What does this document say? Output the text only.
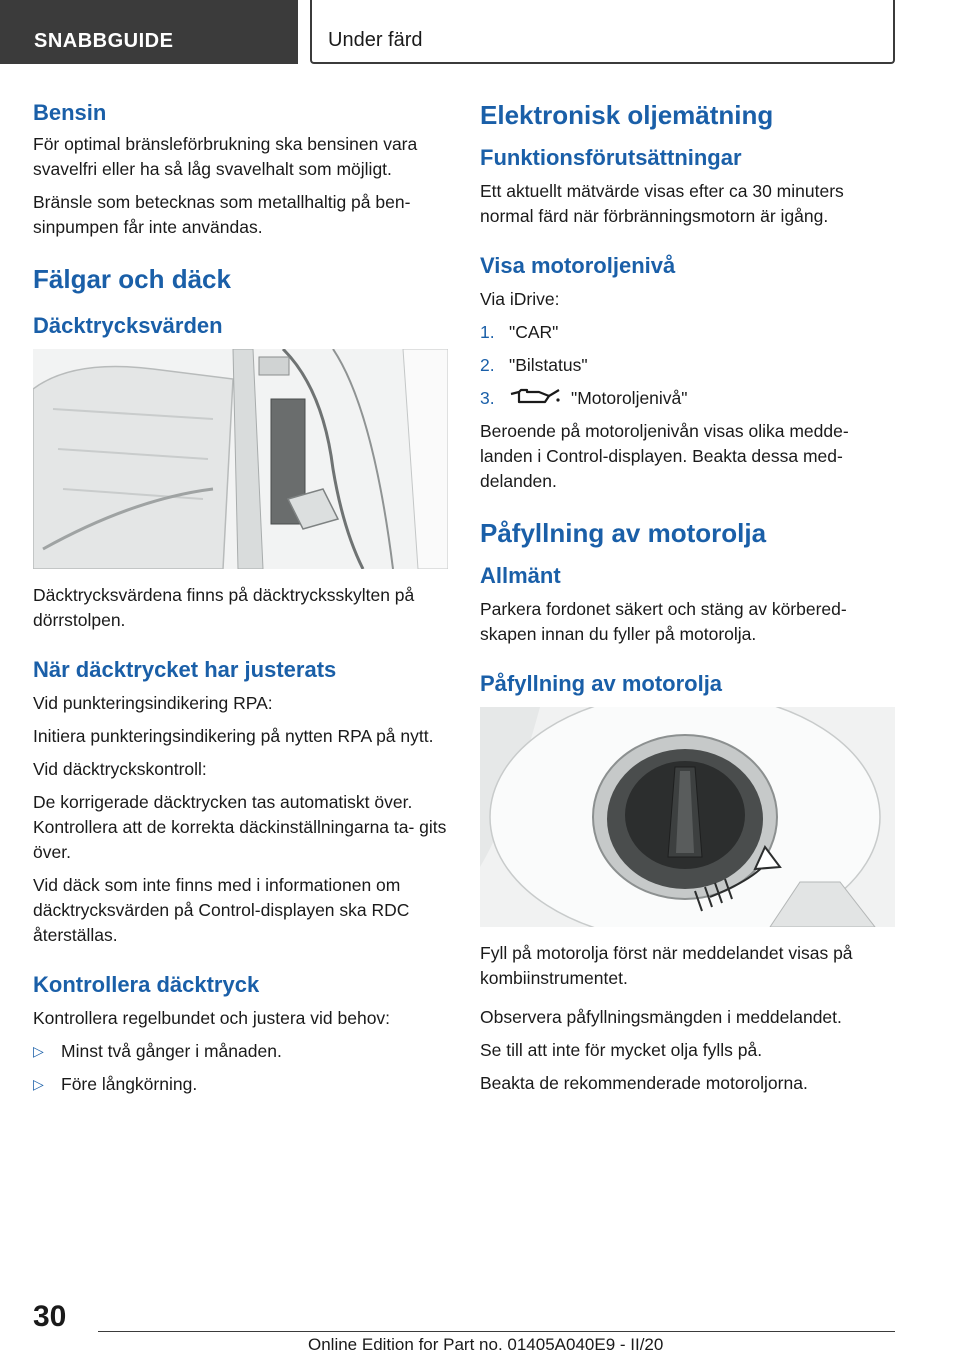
SNABBGUIDE	Under färd
Bensin

För optimal bränsleförbrukning ska bensinen vara svavelfri eller ha så låg svavelhalt som möjligt.

Bränsle som betecknas som metallhaltig på ben- sinpumpen får inte användas.

Fälgar och däck
Däcktrycksvärden

Däcktrycksvärdena finns på däcktrycksskylten på dörrstolpen.

När däcktrycket har justerats

Vid punkteringsindikering RPA:

Initiera punkteringsindikering på nytten RPA på nytt.

Vid däcktryckskontroll:

De korrigerade däcktrycken tas automatiskt över. Kontrollera att de korrekta däckinställningarna ta- gits över.

Vid däck som inte finns med i informationen om däcktrycksvärden på Control-displayen ska RDC återställas.

Kontrollera däcktryck

Kontrollera regelbundet och justera vid behov:

▷ Minst två gånger i månaden.
▷ Före långkörning.
Elektronisk oljemätning
Funktionsförutsättningar

Ett aktuellt mätvärde visas efter ca 30 minuters normal färd när förbränningsmotorn är igång.

Visa motoroljenivå

Via iDrive:

1. "CAR"
2. "Bilstatus"
3.	"Motoroljenivå"

Beroende på motoroljenivån visas olika medde- landen i Control-displayen. Beakta dessa med- delanden.

Påfyllning av motorolja
Allmänt

Parkera fordonet säkert och stäng av körbered- skapen innan du fyller på motorolja.

Påfyllning av motorolja

Fyll på motorolja först när meddelandet visas på kombiinstrumentet.

Observera påfyllningsmängden i meddelandet.

Se till att inte för mycket olja fylls på.

Beakta de rekommenderade motoroljorna.

30
Online Edition for Part no. 01405A040E9 - II/20
